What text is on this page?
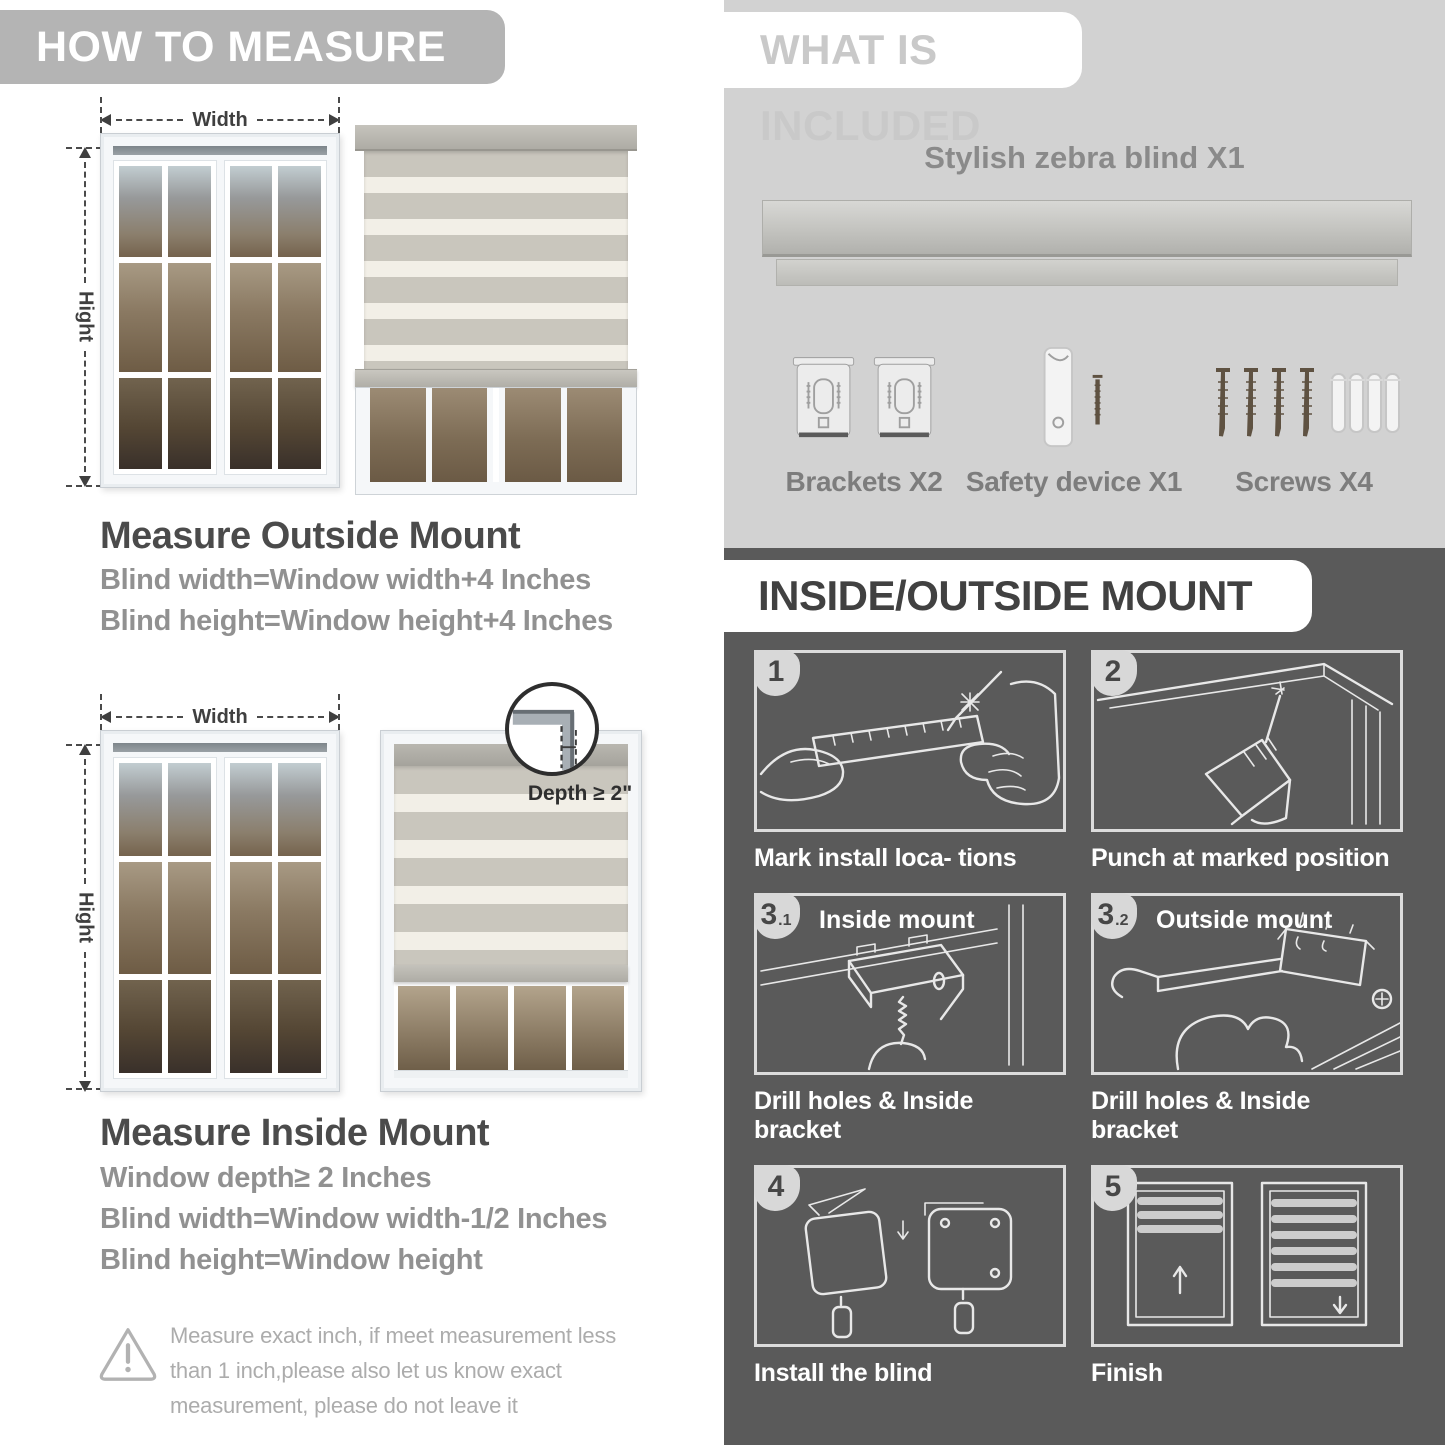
HOW TO MEASURE
Width
Hight
Measure Outside Mount
Blind width=Window width+4 Inches
Blind height=Window height+4 Inches
Width
Hight
Depth ≥ 2"
Measure Inside Mount
Window depth≥ 2 Inches
Blind width=Window width-1/2 Inches
Blind height=Window height
Measure exact inch, if meet measurement less than 1 inch,please also let us know exact measurement, please do not leave it
WHAT IS INCLUDED
Stylish zebra blind X1
Brackets X2 Safety device X1 Screws X4
INSIDE/OUTSIDE MOUNT
1
Mark install loca- tions
2
Punch at marked position
Inside mount
3 .1
Drill holes & Inside bracket
Outside mount
3 .2
Drill holes & Inside bracket
4
Install the blind
5
Finish
